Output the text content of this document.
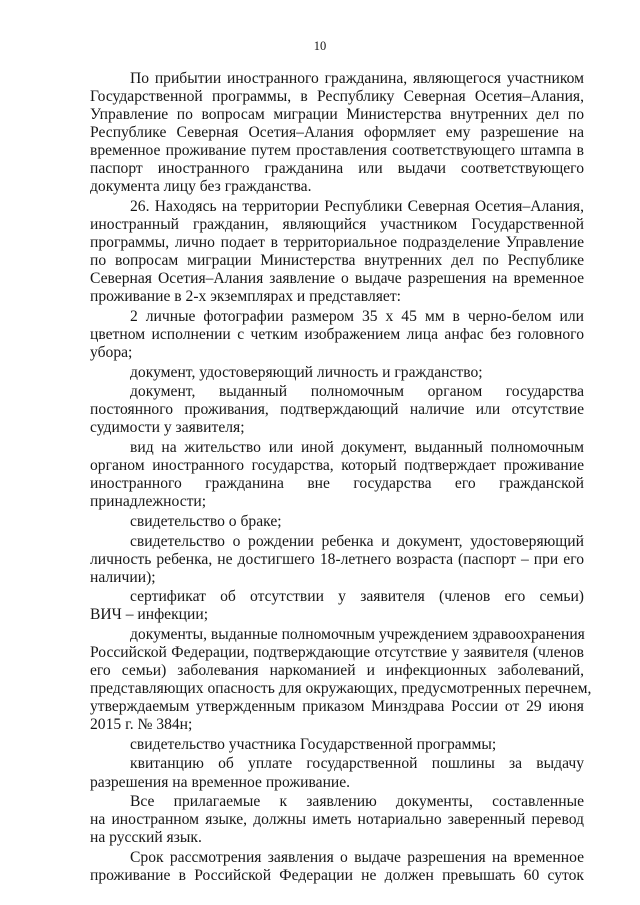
10
По прибытии иностранного гражданина, являющегося участником
Государственной программы, в Республику Северная Осетия–Алания,
Управление по вопросам миграции Министерства внутренних дел по
Республике Северная Осетия–Алания оформляет ему разрешение на
временное проживание путем проставления соответствующего штампа в
паспорт иностранного гражданина или выдачи соответствующего
документа лицу без гражданства.
26. Находясь на территории Республики Северная Осетия–Алания,
иностранный гражданин, являющийся участником Государственной
программы, лично подает в территориальное подразделение Управление
по вопросам миграции Министерства внутренних дел по Республике
Северная Осетия–Алания заявление о выдаче разрешения на временное
проживание в 2-х экземплярах и представляет:
2 личные фотографии размером 35 х 45 мм в черно-белом или
цветном исполнении с четким изображением лица анфас без головного
убора;
документ, удостоверяющий личность и гражданство;
документ, выданный полномочным органом государства
постоянного проживания, подтверждающий наличие или отсутствие
судимости у заявителя;
вид на жительство или иной документ, выданный полномочным
органом иностранного государства, который подтверждает проживание
иностранного гражданина вне государства его гражданской
принадлежности;
свидетельство о браке;
свидетельство о рождении ребенка и документ, удостоверяющий
личность ребенка, не достигшего 18-летнего возраста (паспорт – при его
наличии);
сертификат об отсутствии у заявителя (членов его семьи)
ВИЧ – инфекции;
документы, выданные полномочным учреждением здравоохранения
Российской Федерации, подтверждающие отсутствие у заявителя (членов
его семьи) заболевания наркоманией и инфекционных заболеваний,
представляющих опасность для окружающих, предусмотренных перечнем,
утверждаемым утвержденным приказом Минздрава России от 29 июня
2015 г. № 384н;
свидетельство участника Государственной программы;
квитанцию об уплате государственной пошлины за выдачу
разрешения на временное проживание.
Все прилагаемые к заявлению документы, составленные
на иностранном языке, должны иметь нотариально заверенный перевод
на русский язык.
Срок рассмотрения заявления о выдаче разрешения на временное
проживание в Российской Федерации не должен превышать 60 суток
